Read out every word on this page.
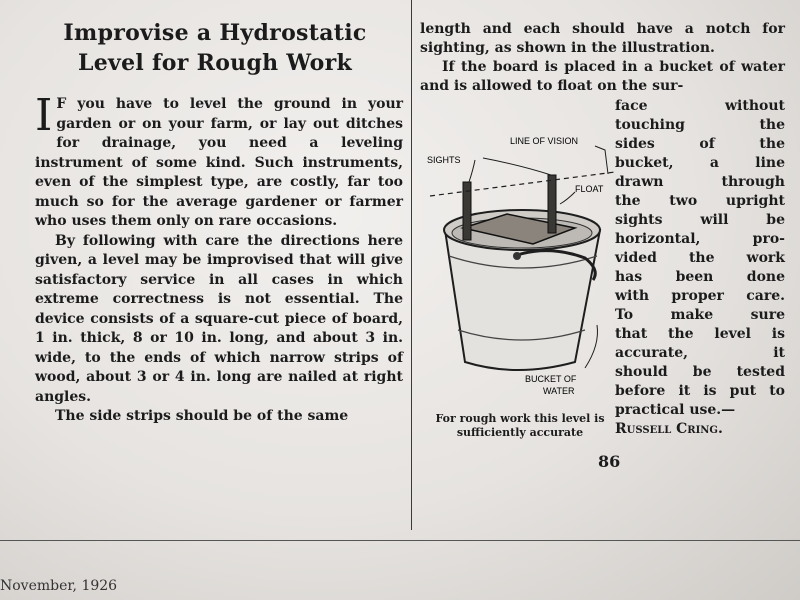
Improvise a Hydrostatic
Level for Rough Work

I F you have to level the ground in your garden or on your farm, or lay out ditches for drainage, you need a leveling instrument of some kind. Such instruments, even of the simplest type, are costly, far too much so for the average gardener or farmer who uses them only on rare occasions.

By following with care the directions here given, a level may be improvised that will give satisfactory service in all cases in which extreme correctness is not essential. The device consists of a square-cut piece of board, 1 in. thick, 8 or 10 in. long, and about 3 in. wide, to the ends of which narrow strips of wood, about 3 or 4 in. long are nailed at right angles.

The side strips should be of the same

length and each should have a notch for sighting, as shown in the illustration.

If the board is placed in a bucket of water and is allowed to float on the sur-

face without
touching the
sides of the
bucket, a line
drawn through
the two upright
sights will be
horizontal, pro-
vided the work
has been done
with proper care.
To make sure
that the level is
accurate, it
should be tested
before it is put to
practical use.—
Russell Cring.
LINE OF VISION
SIGHTS
FLOAT
BUCKET OF
WATER
For rough work this level is
sufficiently accurate
86
November, 1926
